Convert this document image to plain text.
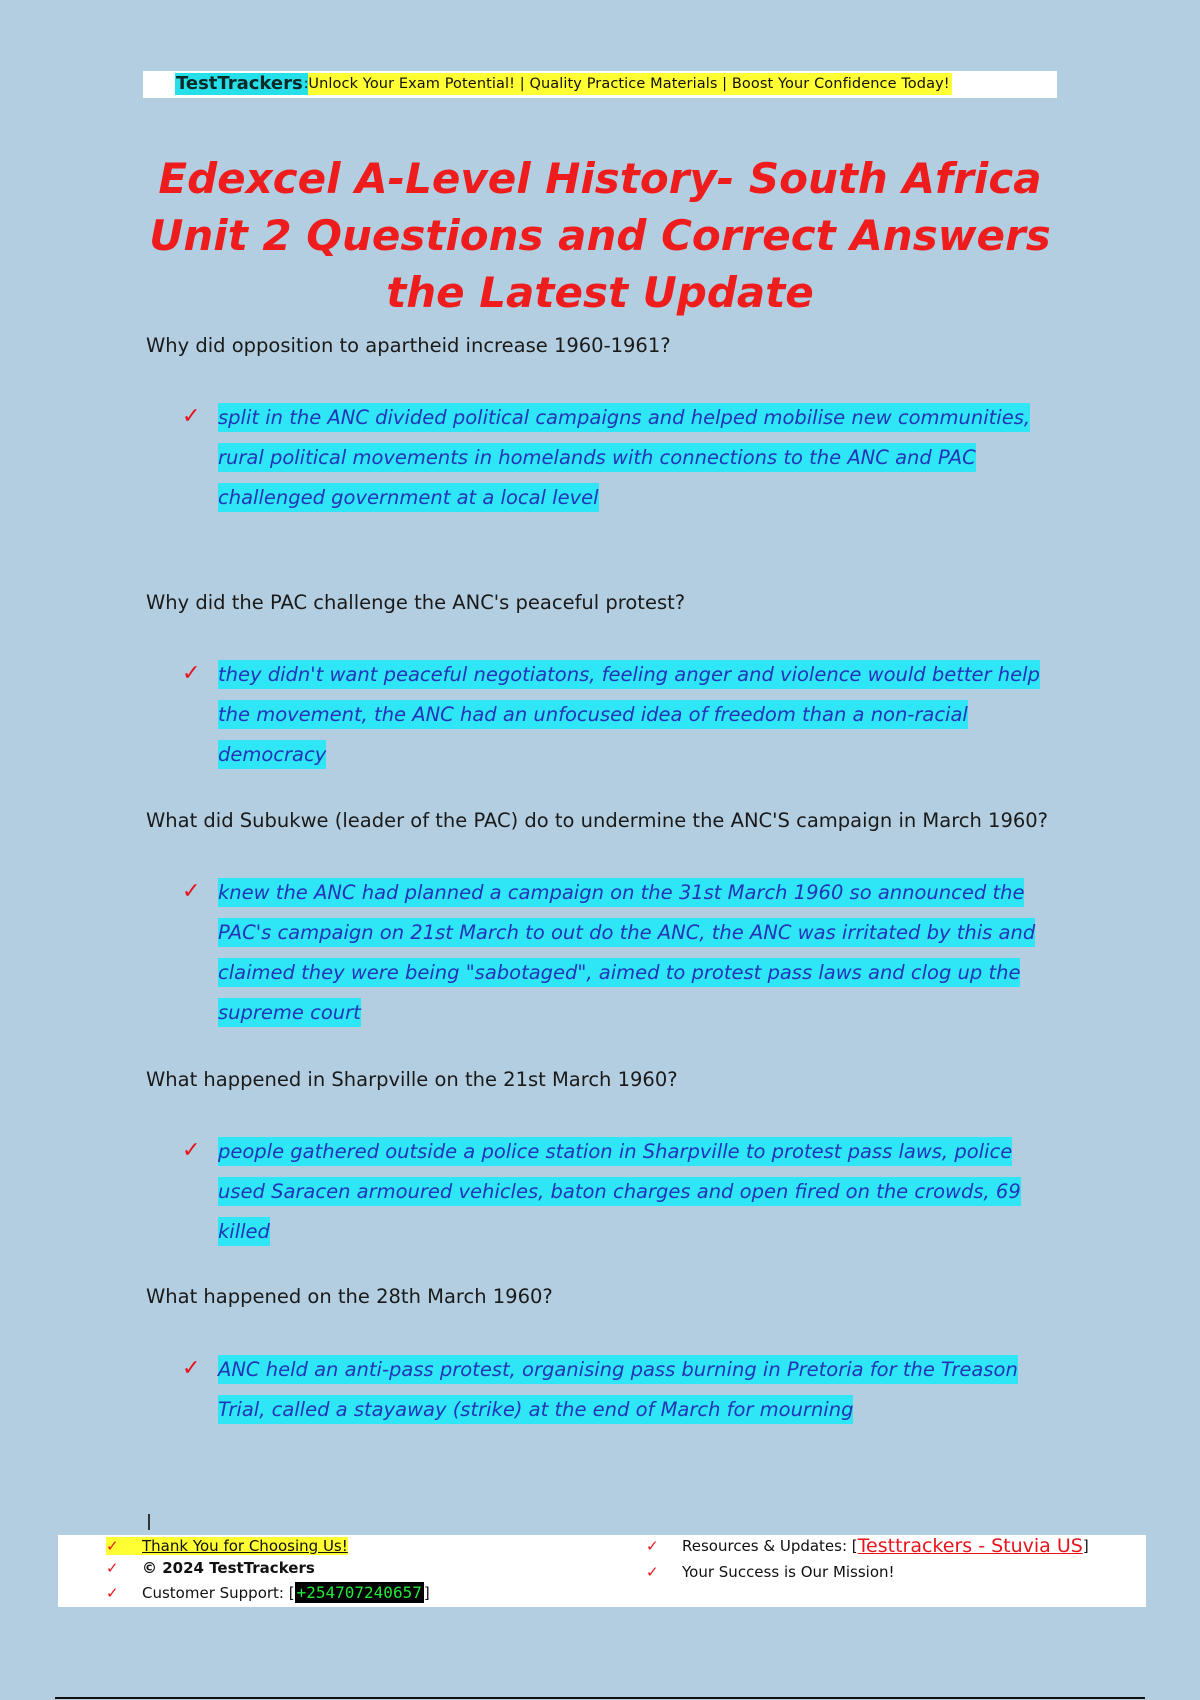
TestTrackers : Unlock Your Exam Potential! | Quality Practice Materials | Boost Your Confidence Today!
Edexcel A-Level History- South Africa Unit 2 Questions and Correct Answers the Latest Update

Why did opposition to apartheid increase 1960-1961?

✓ split in the ANC divided political campaigns and helped mobilise new communities, rural political movements in homelands with connections to the ANC and PAC challenged government at a local level

Why did the PAC challenge the ANC's peaceful protest?

✓ they didn't want peaceful negotiatons, feeling anger and violence would better help the movement, the ANC had an unfocused idea of freedom than a non-racial democracy

What did Subukwe (leader of the PAC) do to undermine the ANC'S campaign in March 1960?

✓ knew the ANC had planned a campaign on the 31st March 1960 so announced the PAC's campaign on 21st March to out do the ANC, the ANC was irritated by this and claimed they were being "sabotaged", aimed to protest pass laws and clog up the supreme court

What happened in Sharpville on the 21st March 1960?

✓ people gathered outside a police station in Sharpville to protest pass laws, police used Saracen armoured vehicles, baton charges and open fired on the crowds, 69 killed

What happened on the 28th March 1960?

✓ ANC held an anti-pass protest, organising pass burning in Pretoria for the Treason Trial, called a stayaway (strike) at the end of March for mourning
✓	Thank You for Choosing Us!
✓	© 2024 TestTrackers
✓	Customer Support: [ +254707240657 ]
✓	Resources & Updates: [ Testtrackers - Stuvia US ]
✓	Your Success is Our Mission!
